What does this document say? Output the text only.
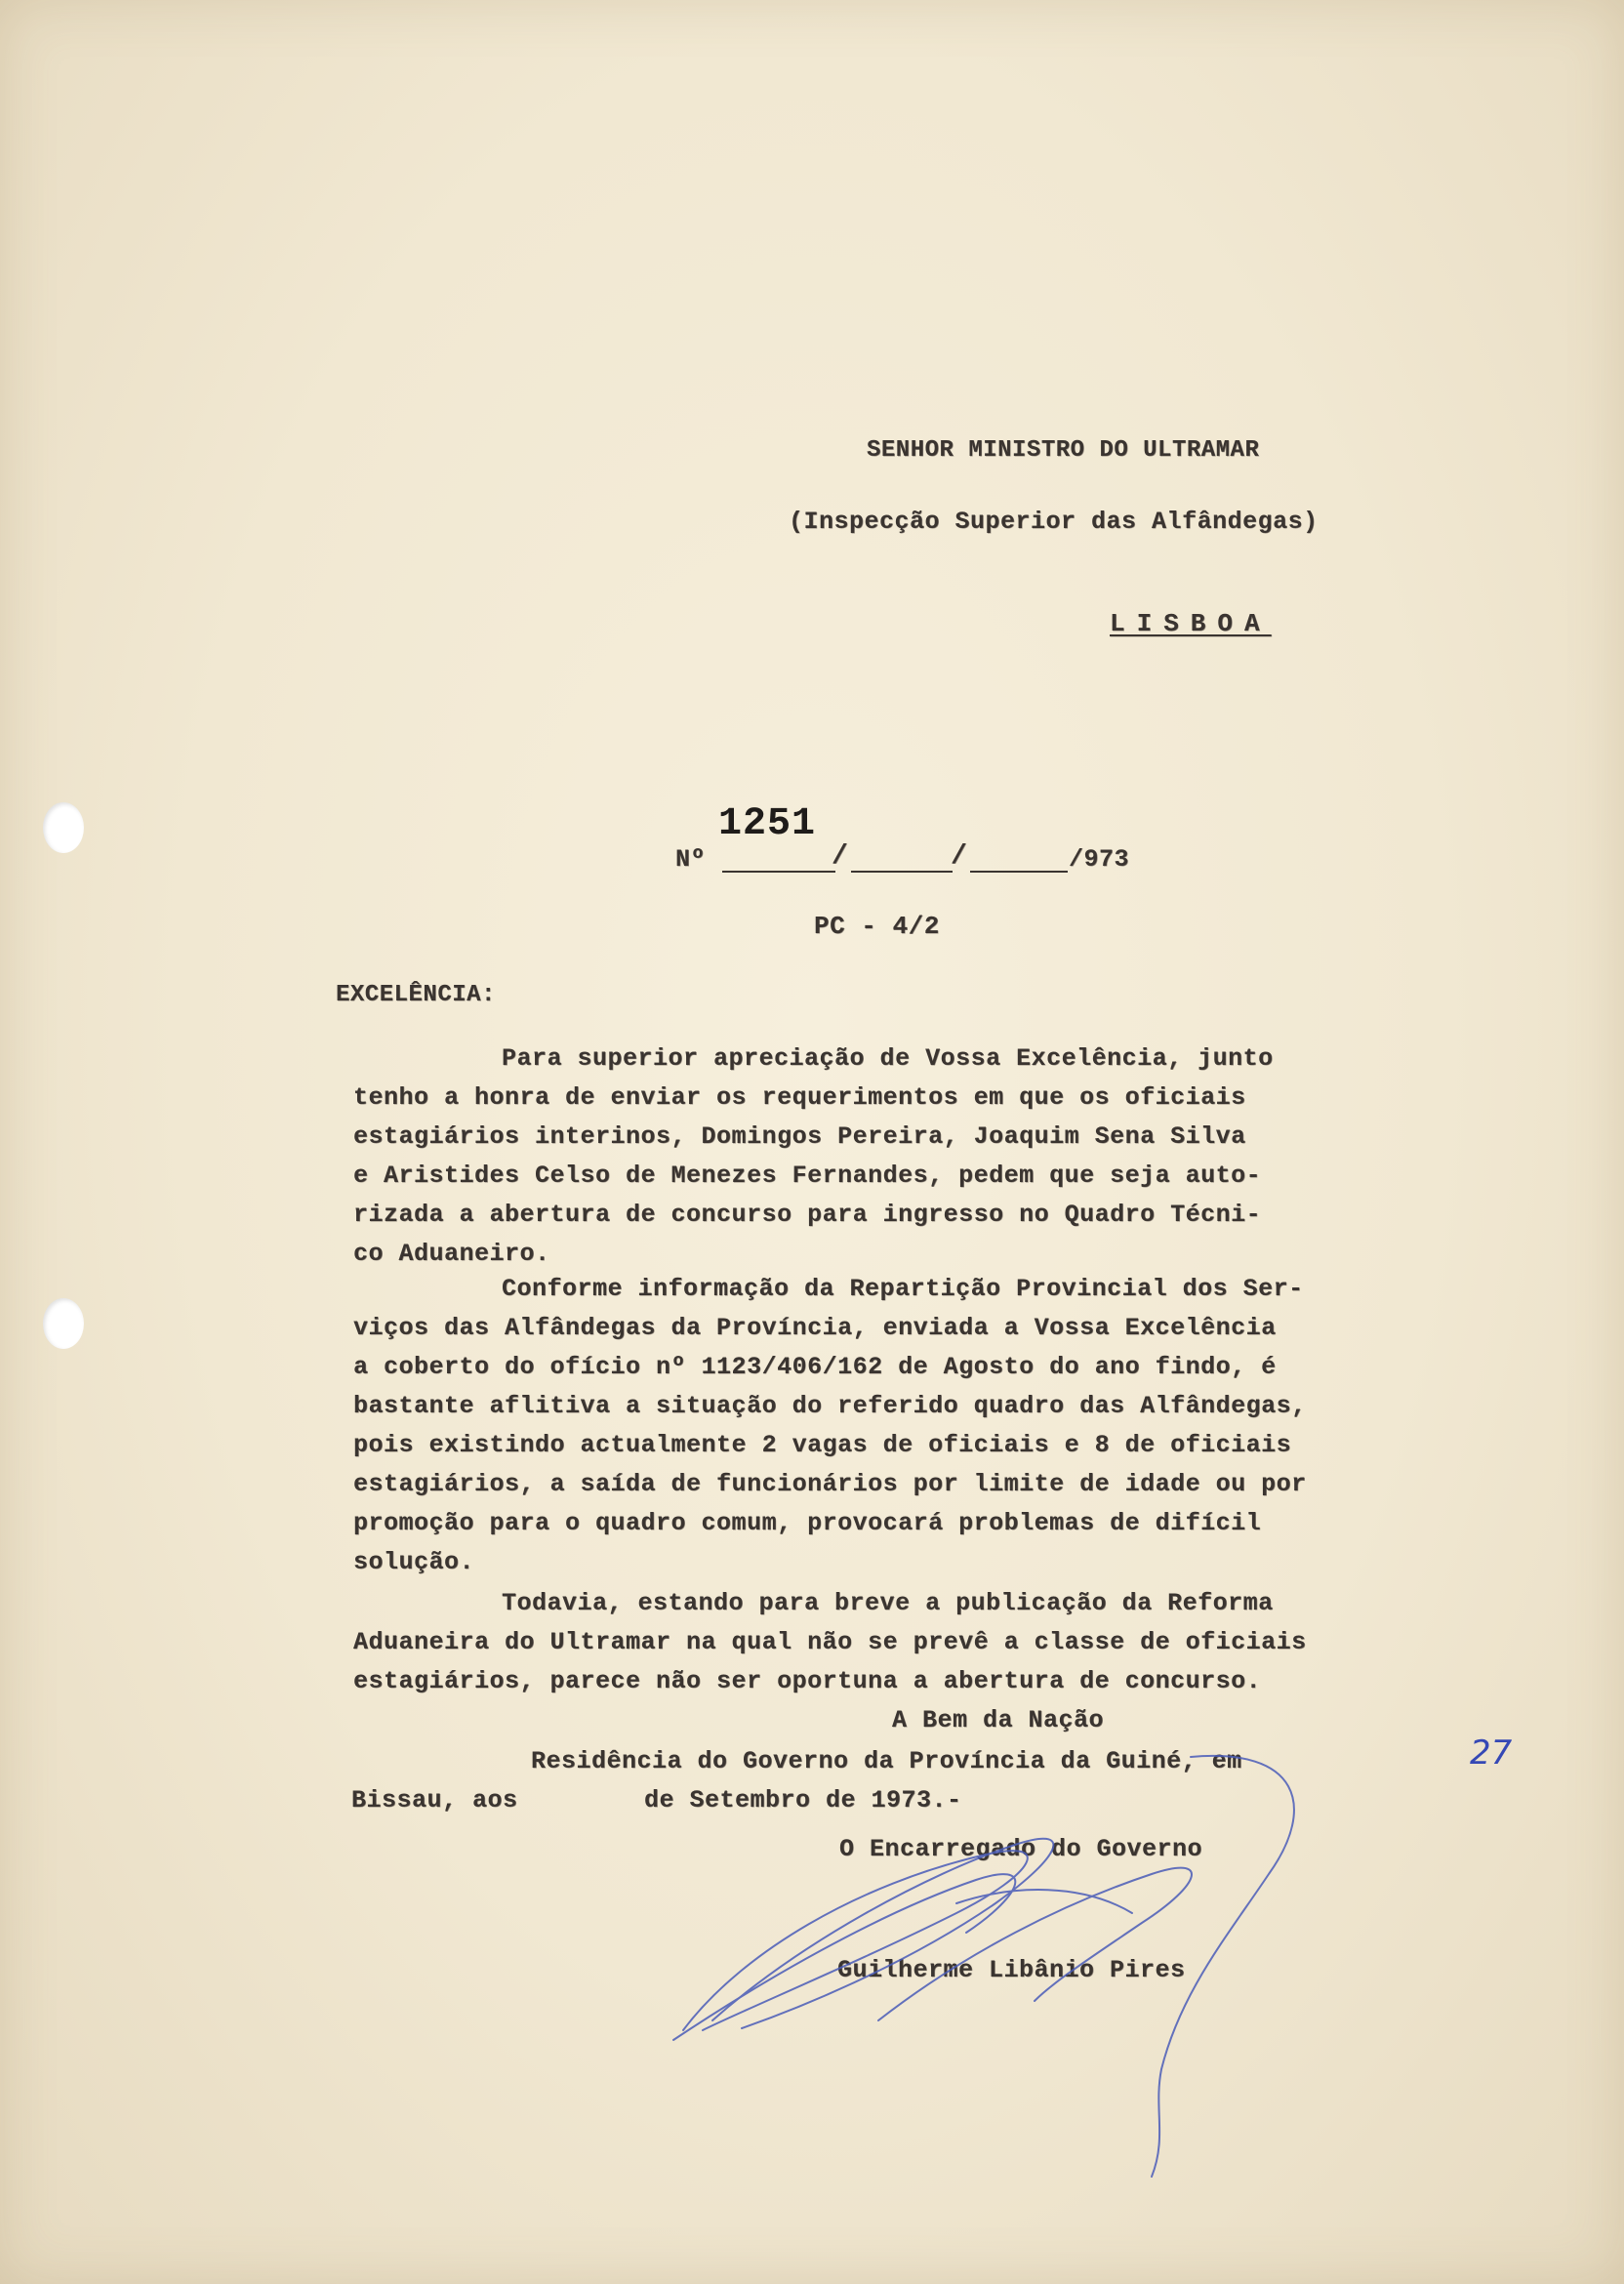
SENHOR MINISTRO DO ULTRAMAR
(Inspecção Superior das Alfândegas)
LISBOA
Nº
1251
/	/	/973
PC - 4/2
EXCELÊNCIA:
Para superior apreciação de Vossa Excelência, junto
tenho a honra de enviar os requerimentos em que os oficiais
estagiários interinos, Domingos Pereira, Joaquim Sena Silva
e Aristides Celso de Menezes Fernandes, pedem que seja auto-
rizada a abertura de concurso para ingresso no Quadro Técni-
co Aduaneiro.
Conforme informação da Repartição Provincial dos Ser-
viços das Alfândegas da Província, enviada a Vossa Excelência
a coberto do ofício nº 1123/406/162 de Agosto do ano findo, é
bastante aflitiva a situação do referido quadro das Alfândegas,
pois existindo actualmente 2 vagas de oficiais e 8 de oficiais
estagiários, a saída de funcionários por limite de idade ou por
promoção para o quadro comum, provocará problemas de difícil
solução.
Todavia, estando para breve a publicação da Reforma
Aduaneira do Ultramar na qual não se prevê a classe de oficiais
estagiários, parece não ser oportuna a abertura de concurso.
A Bem da Nação
Residência do Governo da Província da Guiné, em	27
Bissau, aos	de Setembro de 1973.-
O Encarregado do Governo
Guilherme Libânio Pires
